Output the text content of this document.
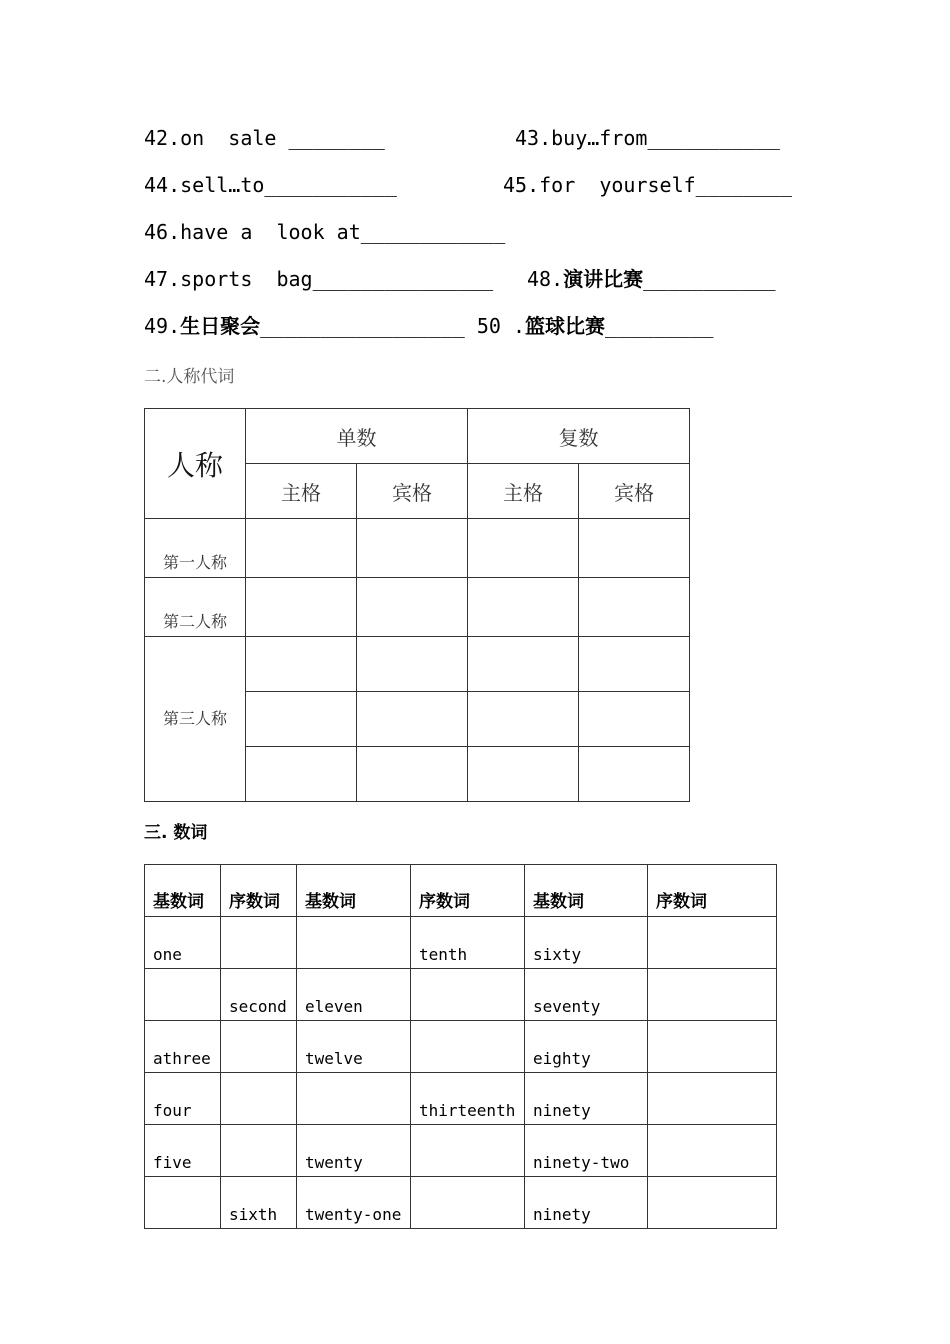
42.on  sale ________	43.buy…from___________
44.sell…to___________	45.for  yourself________
46.have a  look at____________
47.sports  bag_______________ 48.演讲比赛___________
49.生日聚会_________________ 50 .篮球比赛_________
二.人称代词
人称	单数		复数	
	主格	宾格	主格	宾格
第一人称				
第二人称				
第三人称				

三. 数词
基数词	序数词	基数词	序数词	基数词	序数词
one			tenth	sixty	
	second	eleven		seventy	
athree		twelve		eighty	
four			thirteenth	ninety	
five		twenty		ninety-two	
	sixth	twenty-one		ninety	
